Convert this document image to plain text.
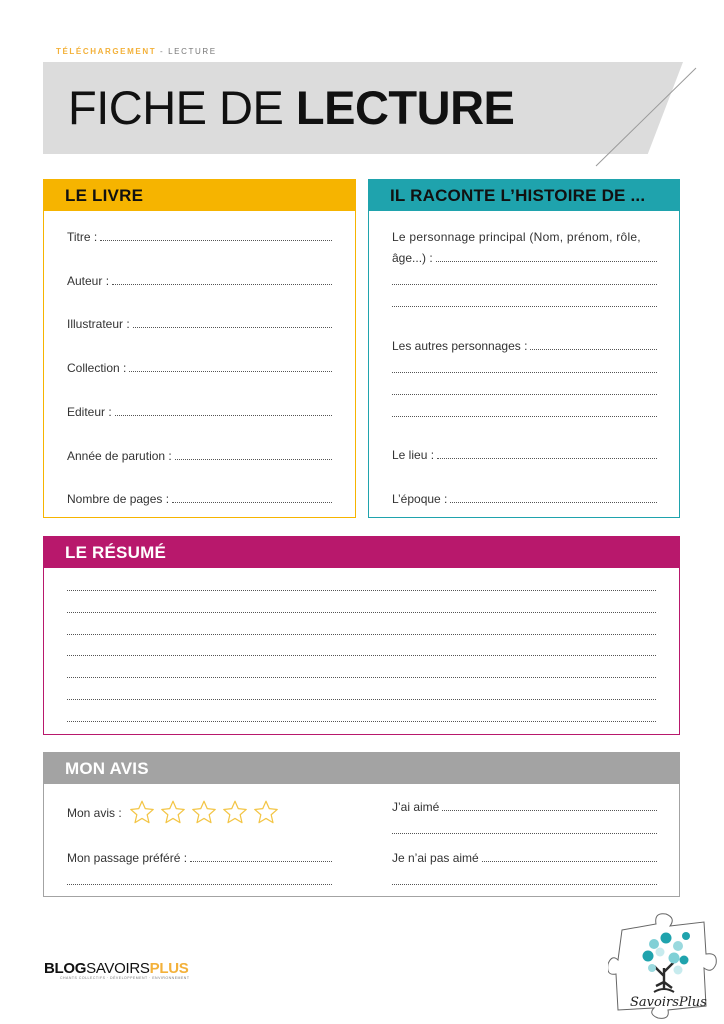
TÉLÉCHARGEMENT - LECTURE
FICHE DE LECTURE
LE LIVRE
Titre :
Auteur :
Illustrateur :
Collection :
Editeur :
Année de parution :
Nombre de pages :
IL RACONTE L’HISTOIRE DE ...
Le personnage principal (Nom, prénom, rôle,
âge...) :
Les autres personnages :
Le lieu :
L’époque :
LE RÉSUMÉ
MON AVIS
Mon avis :
Mon passage préféré :
J’ai aimé
Je n’ai pas aimé
BLOGSAVOIRSPLUS
CHANTS COLLECTIFS · DÉVELOPPEMENT · ENVIRONNEMENT
SavoirsPlus
